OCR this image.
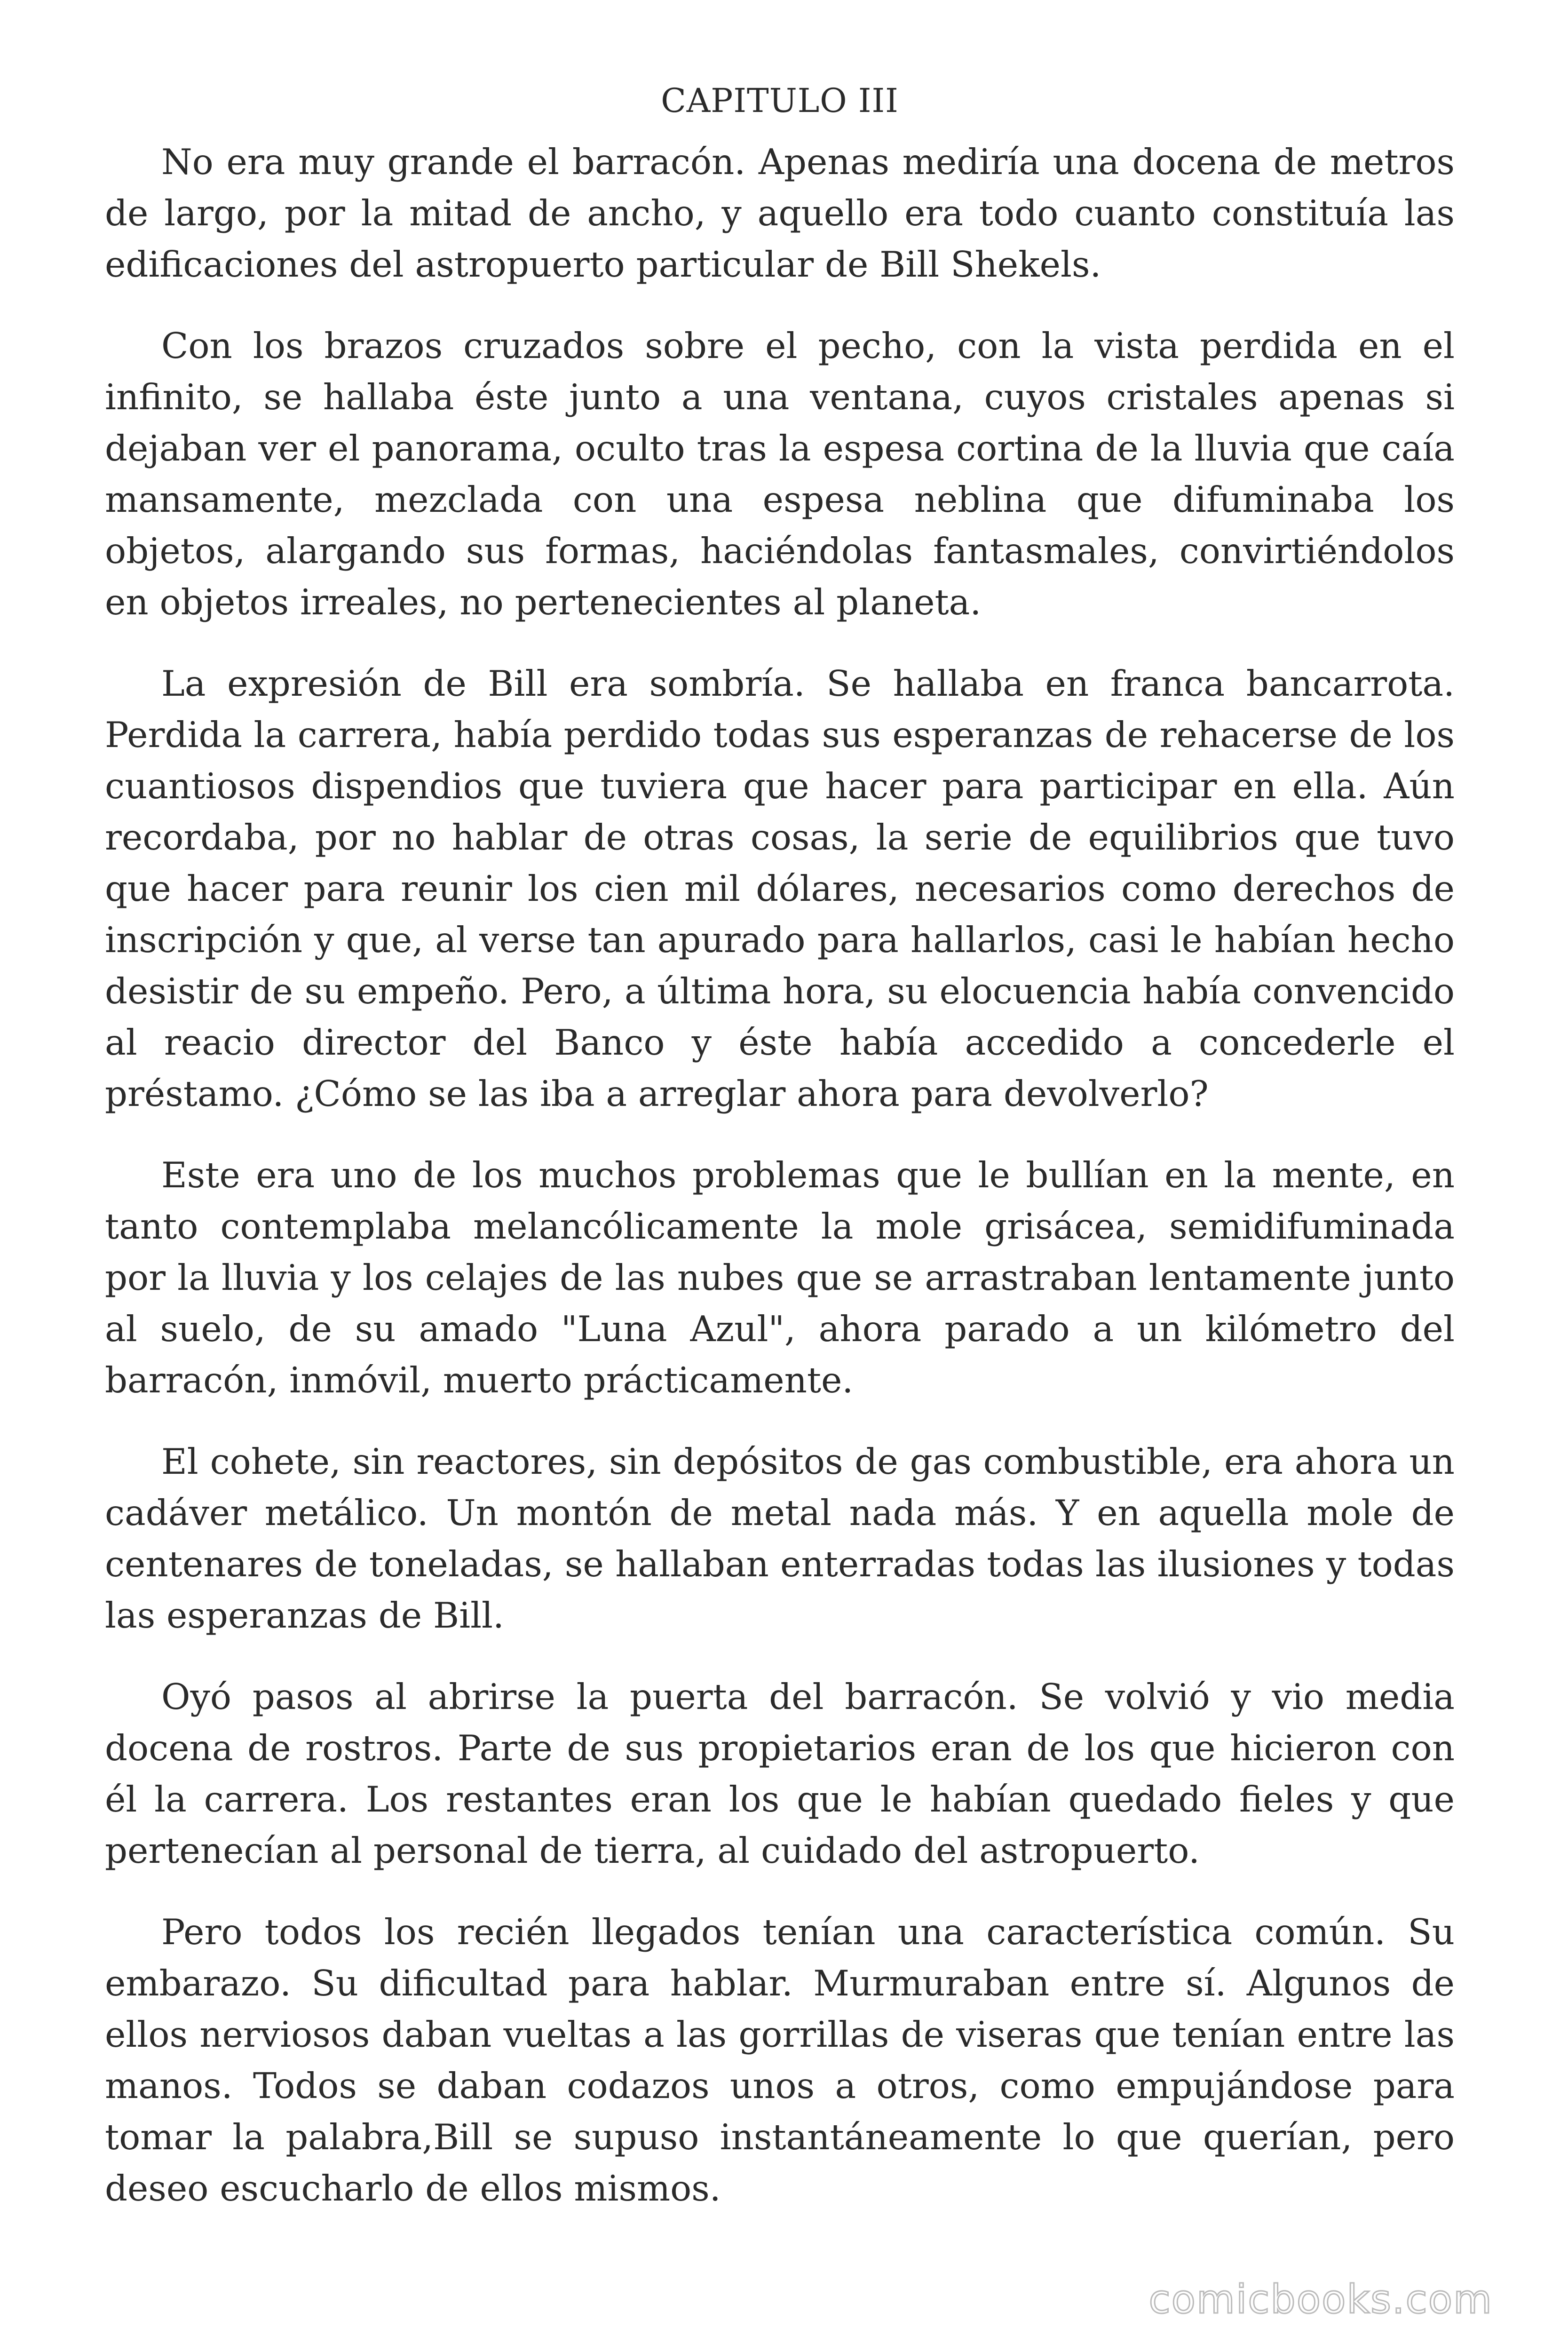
CAPITULO III

No era muy grande el barracón. Apenas mediría una docena de metros de largo, por la mitad de ancho, y aquello era todo cuanto constituía las edificaciones del astropuerto particular de Bill Shekels.

Con los brazos cruzados sobre el pecho, con la vista perdida en el infinito, se hallaba éste junto a una ventana, cuyos cristales apenas si dejaban ver el panorama, oculto tras la espesa cortina de la lluvia que caía mansamente, mezclada con una espesa neblina que difuminaba los objetos, alargando sus formas, haciéndolas fantasmales, convirtiéndolos en objetos irreales, no pertenecientes al planeta.

La expresión de Bill era sombría. Se hallaba en franca bancarrota. Perdida la carrera, había perdido todas sus esperanzas de rehacerse de los cuantiosos dispendios que tuviera que hacer para participar en ella. Aún recordaba, por no hablar de otras cosas, la serie de equilibrios que tuvo que hacer para reunir los cien mil dólares, necesarios como derechos de inscripción y que, al verse tan apurado para hallarlos, casi le habían hecho desistir de su empeño. Pero, a última hora, su elocuencia había convencido al reacio director del Banco y éste había accedido a concederle el préstamo. ¿Cómo se las iba a arreglar ahora para devolverlo?

Este era uno de los muchos problemas que le bullían en la mente, en tanto contemplaba melancólicamente la mole grisácea, semidifuminada por la lluvia y los celajes de las nubes que se arrastraban lentamente junto al suelo, de su amado "Luna Azul", ahora parado a un kilómetro del barracón, inmóvil, muerto prácticamente.

El cohete, sin reactores, sin depósitos de gas combustible, era ahora un cadáver metálico. Un montón de metal nada más. Y en aquella mole de centenares de toneladas, se hallaban enterradas todas las ilusiones y todas las esperanzas de Bill.

Oyó pasos al abrirse la puerta del barracón. Se volvió y vio media docena de rostros. Parte de sus propietarios eran de los que hicieron con él la carrera. Los restantes eran los que le habían quedado fieles y que pertenecían al personal de tierra, al cuidado del astropuerto.

Pero todos los recién llegados tenían una característica común. Su embarazo. Su dificultad para hablar. Murmuraban entre sí. Algunos de ellos nerviosos daban vueltas a las gorrillas de viseras que tenían entre las manos. Todos se daban codazos unos a otros, como empujándose para tomar la palabra,Bill se supuso instantáneamente lo que querían, pero deseo escucharlo de ellos mismos.

comicbooks.com
